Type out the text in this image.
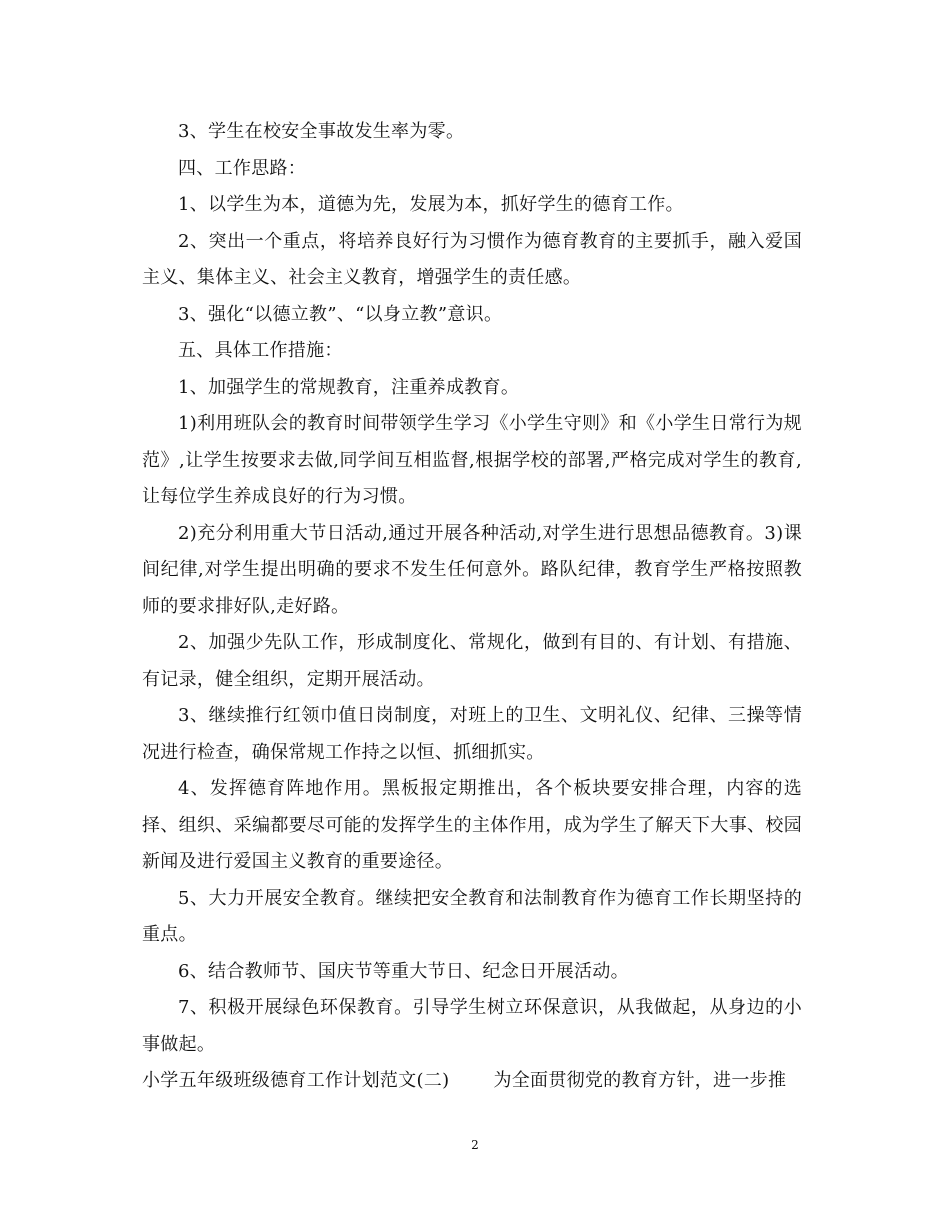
3、学生在校安全事故发生率为零。

四、工作思路：

1、以学生为本，道德为先，发展为本，抓好学生的德育工作。

2、突出一个重点，将培养良好行为习惯作为德育教育的主要抓手，融入爱国主义、集体主义、社会主义教育，增强学生的责任感。

3、强化“以德立教”、“以身立教”意识。

五、具体工作措施：

1、加强学生的常规教育，注重养成教育。

1)利用班队会的教育时间带领学生学习《小学生守则》和《小学生日常行为规范》,让学生按要求去做,同学间互相监督,根据学校的部署,严格完成对学生的教育,让每位学生养成良好的行为习惯。

2)充分利用重大节日活动,通过开展各种活动,对学生进行思想品德教育。3)课间纪律,对学生提出明确的要求不发生任何意外。路队纪律，教育学生严格按照教师的要求排好队,走好路。

2、加强少先队工作，形成制度化、常规化，做到有目的、有计划、有措施、有记录，健全组织，定期开展活动。

3、继续推行红领巾值日岗制度，对班上的卫生、文明礼仪、纪律、三操等情况进行检查，确保常规工作持之以恒、抓细抓实。

4、发挥德育阵地作用。黑板报定期推出，各个板块要安排合理，内容的选择、组织、采编都要尽可能的发挥学生的主体作用，成为学生了解天下大事、校园新闻及进行爱国主义教育的重要途径。

5、大力开展安全教育。继续把安全教育和法制教育作为德育工作长期坚持的重点。

6、结合教师节、国庆节等重大节日、纪念日开展活动。

7、积极开展绿色环保教育。引导学生树立环保意识，从我做起，从身边的小事做起。

小学五年级班级德育工作计划范文(二) 为全面贯彻党的教育方针，进一步推

2
